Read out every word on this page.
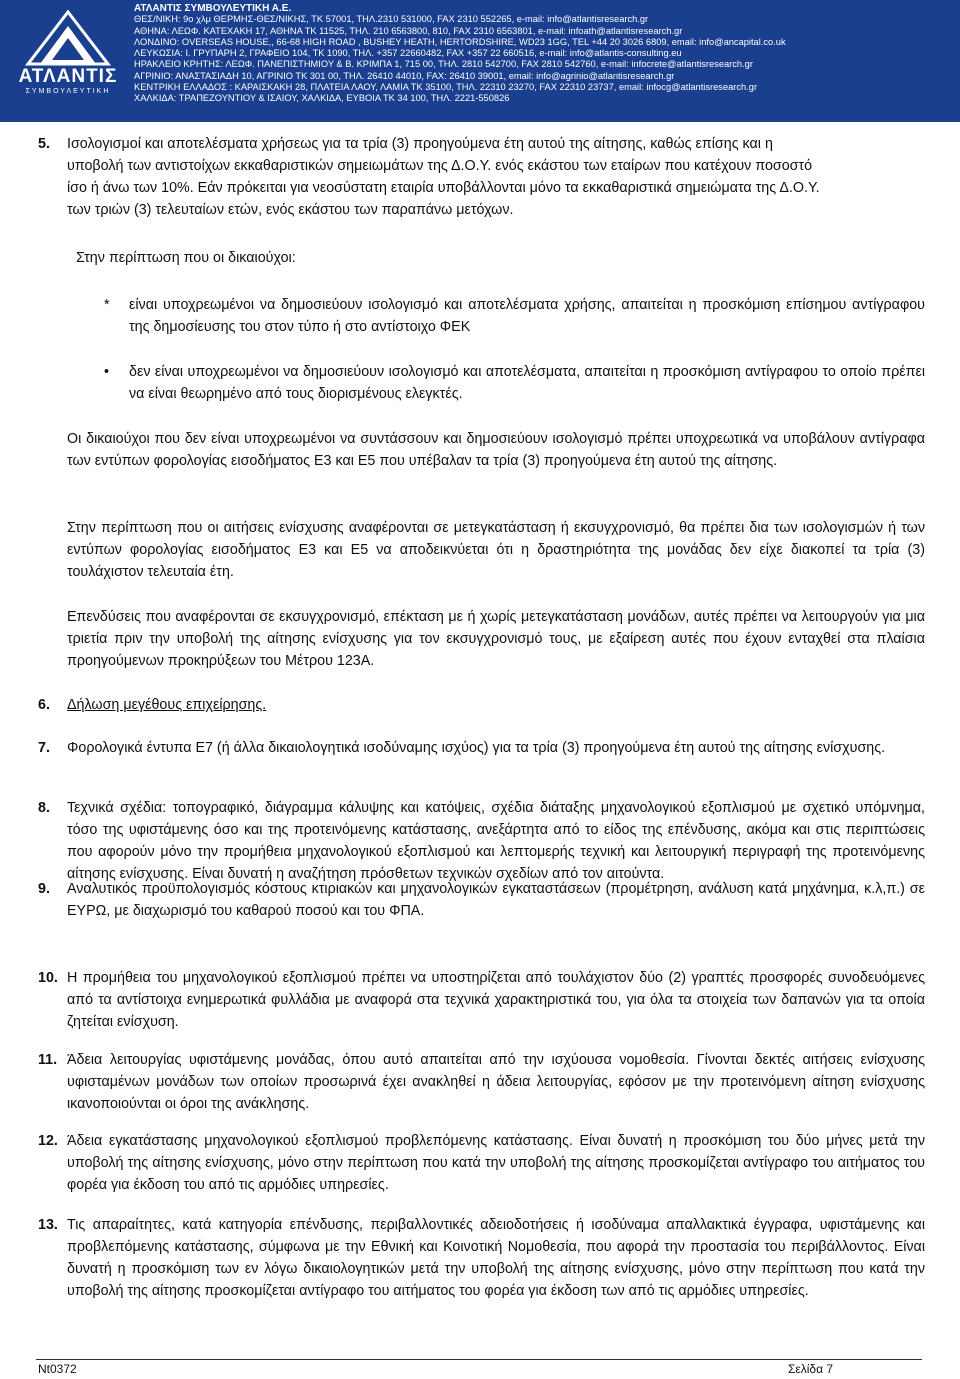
ΑΤΛΑΝΤΙΣ
ΣΥΜΒΟΥΛΕΥΤΙΚΗ
ΑΤΛΑΝΤΙΣ ΣΥΜΒΟΥΛΕΥΤΙΚΗ Α.Ε.
ΘΕΣ/ΝΙΚΗ: 9ο χλμ ΘΕΡΜΗΣ-ΘΕΣ/ΝΙΚΗΣ, ΤΚ 57001, ΤΗΛ.2310 531000, FAX 2310 552265, e-mail: info@atlantisresearch.gr
ΑΘΗΝΑ: ΛΕΩΦ. ΚΑΤΕΧΑΚΗ 17, ΑΘΗΝΑ ΤΚ 11525, ΤΗΛ. 210 6563800, 810, FAX 2310 6563801, e-mail: infoath@atlantisresearch.gr
ΛΟΝΔΙΝΟ: OVERSEAS HOUSE,, 66-68 HIGH ROAD , BUSHEY HEATH, HERTORDSHIRE, WD23 1GG, TEL +44 20 3026 6809, email: info@ancapital.co.uk
ΛΕΥΚΩΣΙΑ: Ι. ΓΡΥΠΑΡΗ 2, ΓΡΑΦΕΙΟ 104, ΤΚ 1090, ΤΗΛ. +357 22660482, FAX +357 22 660516, e-mail: info@atlantis-consulting.eu
ΗΡΑΚΛΕΙΟ ΚΡΗΤΗΣ: ΛΕΩΦ. ΠΑΝΕΠΙΣΤΗΜΙΟΥ & Β. ΚΡΙΜΠΑ 1, 715 00, ΤΗΛ. 2810 542700, FAX 2810 542760, e-mail: infocrete@atlantisresearch.gr
ΑΓΡΙΝΙΟ: ΑΝΑΣΤΑΣΙΑΔΗ 10, ΑΓΡΙΝΙΟ ΤΚ 301 00, ΤΗΛ. 26410 44010, FAX: 26410 39001, email: info@agrinio@atlantisresearch.gr
ΚΕΝΤΡΙΚΗ ΕΛΛΑΔΟΣ : ΚΑΡΑΙΣΚΑΚΗ 28, ΠΛΑΤΕΙΑ ΛΑΟΥ, ΛΑΜΙΑ ΤΚ 35100, ΤΗΛ. 22310 23270, FAX 22310 23737, email: infocg@atlantisresearch.gr
ΧΑΛΚΙΔΑ: ΤΡΑΠΕΖΟΥΝΤΙΟΥ & ΙΣΑΙΟΥ, ΧΑΛΚΙΔΑ, ΕΥΒΟΙΑ ΤΚ 34 100, ΤΗΛ. 2221-550826
5. Ισολογισμοί και αποτελέσματα χρήσεως για τα τρία (3) προηγούμενα έτη αυτού της αίτησης, καθώς επίσης και η
υποβολή των αντιστοίχων εκκαθαριστικών σημειωμάτων της Δ.Ο.Υ. ενός εκάστου των εταίρων που κατέχουν ποσοστό
ίσο ή άνω των 10%. Εάν πρόκειται για νεοσύστατη εταιρία υποβάλλονται μόνο τα εκκαθαριστικά σημειώματα της Δ.Ο.Υ.
των τριών (3) τελευταίων ετών, ενός εκάστου των παραπάνω μετόχων.
Στην περίπτωση που οι δικαιούχοι:
* είναι υποχρεωμένοι να δημοσιεύουν ισολογισμό και αποτελέσματα χρήσης, απαιτείται η προσκόμιση επίσημου αντίγραφου της δημοσίευσης του στον τύπο ή στο αντίστοιχο ΦΕΚ
• δεν είναι υποχρεωμένοι να δημοσιεύουν ισολογισμό και αποτελέσματα, απαιτείται η προσκόμιση αντίγραφου το οποίο πρέπει να είναι θεωρημένο από τους διορισμένους ελεγκτές.
Οι δικαιούχοι που δεν είναι υποχρεωμένοι να συντάσσουν και δημοσιεύουν ισολογισμό πρέπει υποχρεωτικά να υποβάλουν αντίγραφα των εντύπων φορολογίας εισοδήματος Ε3 και Ε5 που υπέβαλαν τα τρία (3) προηγούμενα έτη αυτού της αίτησης.
Στην περίπτωση που οι αιτήσεις ενίσχυσης αναφέρονται σε μετεγκατάσταση ή εκσυγχρονισμό, θα πρέπει δια των ισολογισμών ή των εντύπων φορολογίας εισοδήματος Ε3 και Ε5 να αποδεικνύεται ότι η δραστηριότητα της μονάδας δεν είχε διακοπεί τα τρία (3) τουλάχιστον τελευταία έτη.
Επενδύσεις που αναφέρονται σε εκσυγχρονισμό, επέκταση με ή χωρίς μετεγκατάσταση μονάδων, αυτές πρέπει να λειτουργούν για μια τριετία πριν την υποβολή της αίτησης ενίσχυσης για τον εκσυγχρονισμό τους, με εξαίρεση αυτές που έχουν ενταχθεί στα πλαίσια προηγούμενων προκηρύξεων του Μέτρου 123Α.
6. Δήλωση μεγέθους επιχείρησης.
7. Φορολογικά έντυπα Ε7 (ή άλλα δικαιολογητικά ισοδύναμης ισχύος) για τα τρία (3) προηγούμενα έτη αυτού της αίτησης ενίσχυσης.
8. Τεχνικά σχέδια: τοπογραφικό, διάγραμμα κάλυψης και κατόψεις, σχέδια διάταξης μηχανολογικού εξοπλισμού με σχετικό υπόμνημα, τόσο της υφιστάμενης όσο και της προτεινόμενης κατάστασης, ανεξάρτητα από το είδος της επένδυσης, ακόμα και στις περιπτώσεις που αφορούν μόνο την προμήθεια μηχανολογικού εξοπλισμού και λεπτομερής τεχνική και λειτουργική περιγραφή της προτεινόμενης αίτησης ενίσχυσης. Είναι δυνατή η αναζήτηση πρόσθετων τεχνικών σχεδίων από τον αιτούντα.
9. Αναλυτικός προϋπολογισμός κόστους κτιριακών και μηχανολογικών εγκαταστάσεων (προμέτρηση, ανάλυση κατά μηχάνημα, κ.λ,π.) σε ΕΥΡΩ, με διαχωρισμό του καθαρού ποσού και του ΦΠΑ.
10. Η προμήθεια του μηχανολογικού εξοπλισμού πρέπει να υποστηρίζεται από τουλάχιστον δύο (2) γραπτές προσφορές συνοδευόμενες από τα αντίστοιχα ενημερωτικά φυλλάδια με αναφορά στα τεχνικά χαρακτηριστικά του, για όλα τα στοιχεία των δαπανών για τα οποία ζητείται ενίσχυση.
11. Άδεια λειτουργίας υφιστάμενης μονάδας, όπου αυτό απαιτείται από την ισχύουσα νομοθεσία. Γίνονται δεκτές αιτήσεις ενίσχυσης υφισταμένων μονάδων των οποίων προσωρινά έχει ανακληθεί η άδεια λειτουργίας, εφόσον με την προτεινόμενη αίτηση ενίσχυσης ικανοποιούνται οι όροι της ανάκλησης.
12. Άδεια εγκατάστασης μηχανολογικού εξοπλισμού προβλεπόμενης κατάστασης. Είναι δυνατή η προσκόμιση του δύο μήνες μετά την υποβολή της αίτησης ενίσχυσης, μόνο στην περίπτωση που κατά την υποβολή της αίτησης προσκομίζεται αντίγραφο του αιτήματος του φορέα για έκδοση του από τις αρμόδιες υπηρεσίες.
13. Τις απαραίτητες, κατά κατηγορία επένδυσης, περιβαλλοντικές αδειοδοτήσεις ή ισοδύναμα απαλλακτικά έγγραφα, υφιστάμενης και προβλεπόμενης κατάστασης, σύμφωνα με την Εθνική και Κοινοτική Νομοθεσία, που αφορά την προστασία του περιβάλλοντος. Είναι δυνατή η προσκόμιση των εν λόγω δικαιολογητικών μετά την υποβολή της αίτησης ενίσχυσης, μόνο στην περίπτωση που κατά την υποβολή της αίτησης προσκομίζεται αντίγραφο του αιτήματος του φορέα για έκδοση των από τις αρμόδιες υπηρεσίες.
Nt0372	Σελίδα 7
